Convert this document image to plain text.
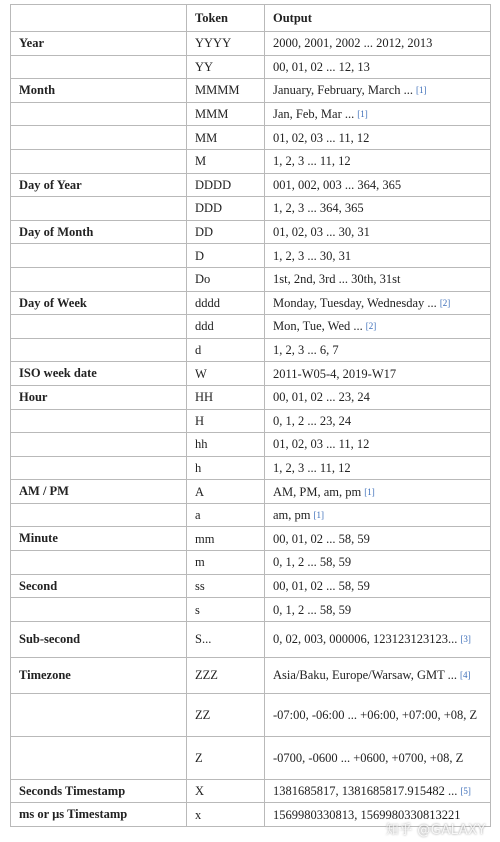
	Token	Output
Year	YYYY	2000, 2001, 2002 ... 2012, 2013
	YY	00, 01, 02 ... 12, 13
Month	MMMM	January, February, March ... [1]
	MMM	Jan, Feb, Mar ... [1]
	MM	01, 02, 03 ... 11, 12
	M	1, 2, 3 ... 11, 12
Day of Year	DDDD	001, 002, 003 ... 364, 365
	DDD	1, 2, 3 ... 364, 365
Day of Month	DD	01, 02, 03 ... 30, 31
	D	1, 2, 3 ... 30, 31
	Do	1st, 2nd, 3rd ... 30th, 31st
Day of Week	dddd	Monday, Tuesday, Wednesday ... [2]
	ddd	Mon, Tue, Wed ... [2]
	d	1, 2, 3 ... 6, 7
ISO week date	W	2011-W05-4, 2019-W17
Hour	HH	00, 01, 02 ... 23, 24
	H	0, 1, 2 ... 23, 24
	hh	01, 02, 03 ... 11, 12
	h	1, 2, 3 ... 11, 12
AM / PM	A	AM, PM, am, pm [1]
	a	am, pm [1]
Minute	mm	00, 01, 02 ... 58, 59
	m	0, 1, 2 ... 58, 59
Second	ss	00, 01, 02 ... 58, 59
	s	0, 1, 2 ... 58, 59
Sub-second	S...	0, 02, 003, 000006, 123123123123... [3]
Timezone	ZZZ	Asia/Baku, Europe/Warsaw, GMT ... [4]
	ZZ	-07:00, -06:00 ... +06:00, +07:00, +08, Z
	Z	-0700, -0600 ... +0600, +0700, +08, Z
Seconds Timestamp	X	1381685817, 1381685817.915482 ... [5]
ms or µs Timestamp	x	1569980330813, 1569980330813221
知乎 @GALAXY
